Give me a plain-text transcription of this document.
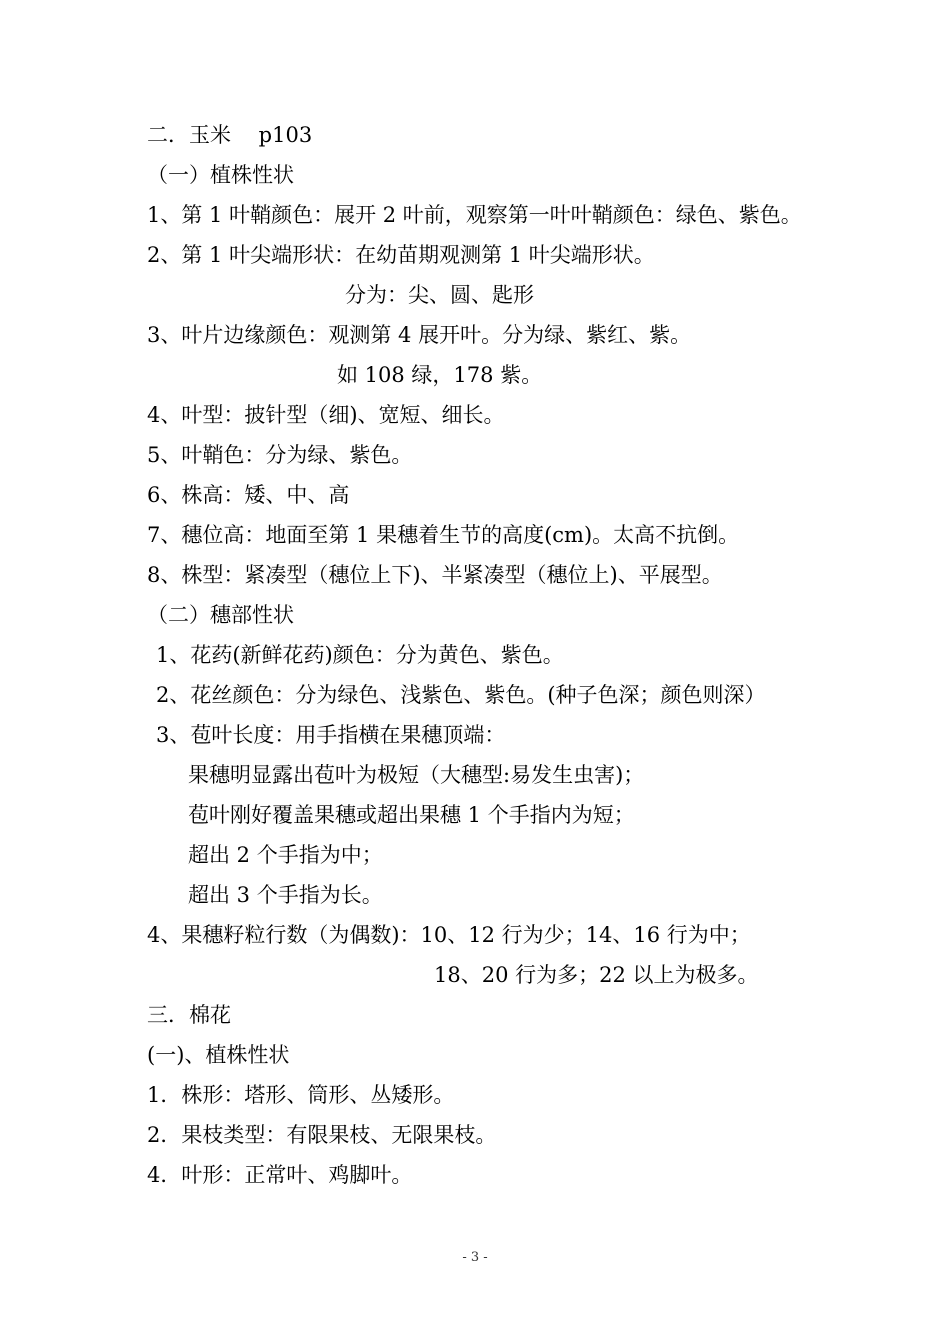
二．玉米　 p103
（一）植株性状
1、第 1 叶鞘颜色：展开 2 叶前，观察第一叶叶鞘颜色：绿色、紫色。
2、第 1 叶尖端形状：在幼苗期观测第 1 叶尖端形状。
分为：尖、圆、匙形
3、叶片边缘颜色：观测第 4 展开叶。分为绿、紫红、紫。
如 108 绿，178 紫。
4、叶型：披针型（细)、宽短、细长。
5、叶鞘色：分为绿、紫色。
6、株高：矮、中、高
7、穗位高：地面至第 1 果穗着生节的高度(cm)。太高不抗倒。
8、株型：紧凑型（穗位上下)、半紧凑型（穗位上)、平展型。
（二）穗部性状
1、花药(新鲜花药)颜色：分为黄色、紫色。
2、花丝颜色：分为绿色、浅紫色、紫色。(种子色深；颜色则深）
3、苞叶长度：用手指横在果穗顶端：
果穗明显露出苞叶为极短（大穗型:易发生虫害)；
苞叶刚好覆盖果穗或超出果穗 1 个手指内为短；
超出 2 个手指为中；
超出 3 个手指为长。
4、果穗籽粒行数（为偶数)：10、12 行为少；14、16 行为中；
18、20 行为多；22 以上为极多。
三．棉花
(一)、植株性状
1．株形：塔形、筒形、丛矮形。
2．果枝类型：有限果枝、无限果枝。
4．叶形：正常叶、鸡脚叶。
- 3 -
